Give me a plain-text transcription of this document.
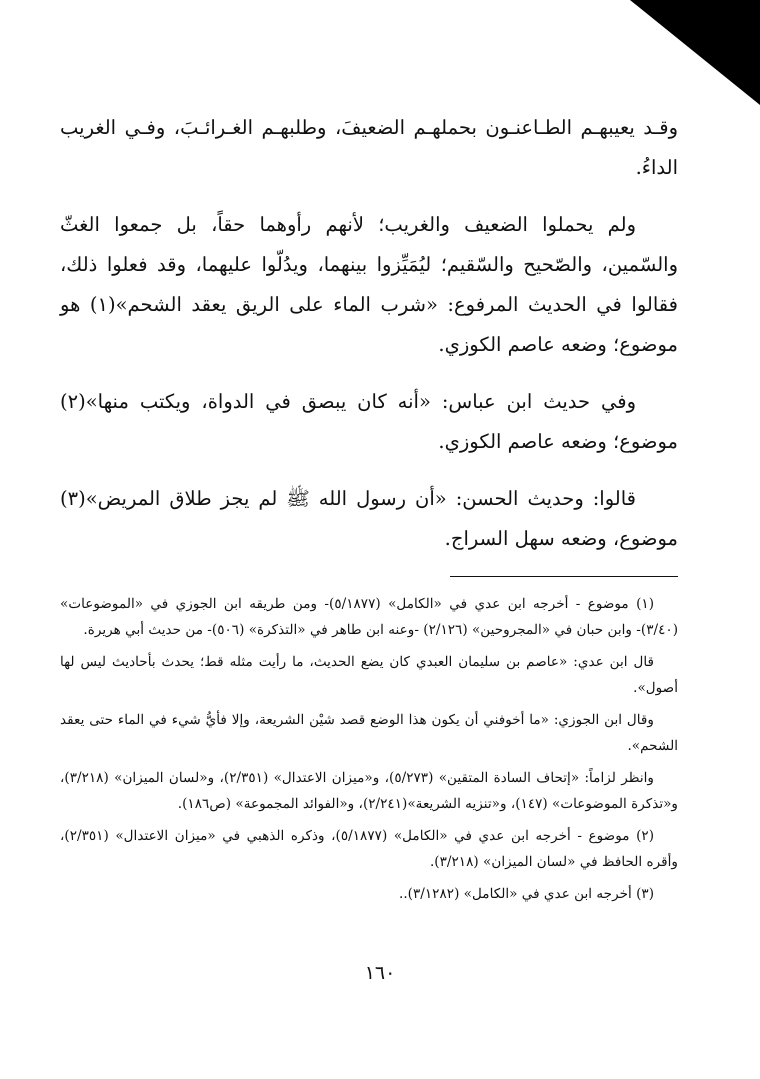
وقـد يعيبهـم الطـاعنـون بحملهـم الضعيفَ، وطلبهـم الغـرائـبَ، وفـي الغريب الداءُ.

ولم يحملوا الضعيف والغريب؛ لأنهم رأوهما حقاً، بل جمعوا الغثّ والسّمين، والصّحيح والسّقيم؛ ليُمَيِّزوا بينهما، ويدُلّوا عليهما، وقد فعلوا ذلك، فقالوا في الحديث المرفوع: «شرب الماء على الريق يعقد الشحم»(١) هو موضوع؛ وضعه عاصم الكوزي.

وفي حديث ابن عباس: «أنه كان يبصق في الدواة، ويكتب منها»(٢) موضوع؛ وضعه عاصم الكوزي.

قالوا: وحديث الحسن: «أن رسول الله ﷺ لم يجز طلاق المريض»(٣) موضوع، وضعه سهل السراج.

(١) موضوع - أخرجه ابن عدي في «الكامل» (٥/١٨٧٧)- ومن طريقه ابن الجوزي في «الموضوعات» (٣/٤٠)- وابن حبان في «المجروحين» (٢/١٢٦) -وعنه ابن طاهر في «التذكرة» (٥٠٦)- من حديث أبي هريرة.

قال ابن عدي: «عاصم بن سليمان العبدي كان يضع الحديث، ما رأيت مثله قط؛ يحدث بأحاديث ليس لها أصول».

وقال ابن الجوزي: «ما أخوفني أن يكون هذا الوضع قصد شيْن الشريعة، وإلا فأيُّ شيء في الماء حتى يعقد الشحم».

وانظر لزاماً: «إتحاف السادة المتقين» (٥/٢٧٣)، و«ميزان الاعتدال» (٢/٣٥١)، و«لسان الميزان» (٣/٢١٨)، و«تذكرة الموضوعات» (١٤٧)، و«تنزيه الشريعة»(٢/٢٤١)، و«الفوائد المجموعة» (ص١٨٦).

(٢) موضوع - أخرجه ابن عدي في «الكامل» (٥/١٨٧٧)، وذكره الذهبي في «ميزان الاعتدال» (٢/٣٥١)، وأقره الحافظ في «لسان الميزان» (٣/٢١٨).

(٣) أخرجه ابن عدي في «الكامل» (٣/١٢٨٢)..

١٦٠
